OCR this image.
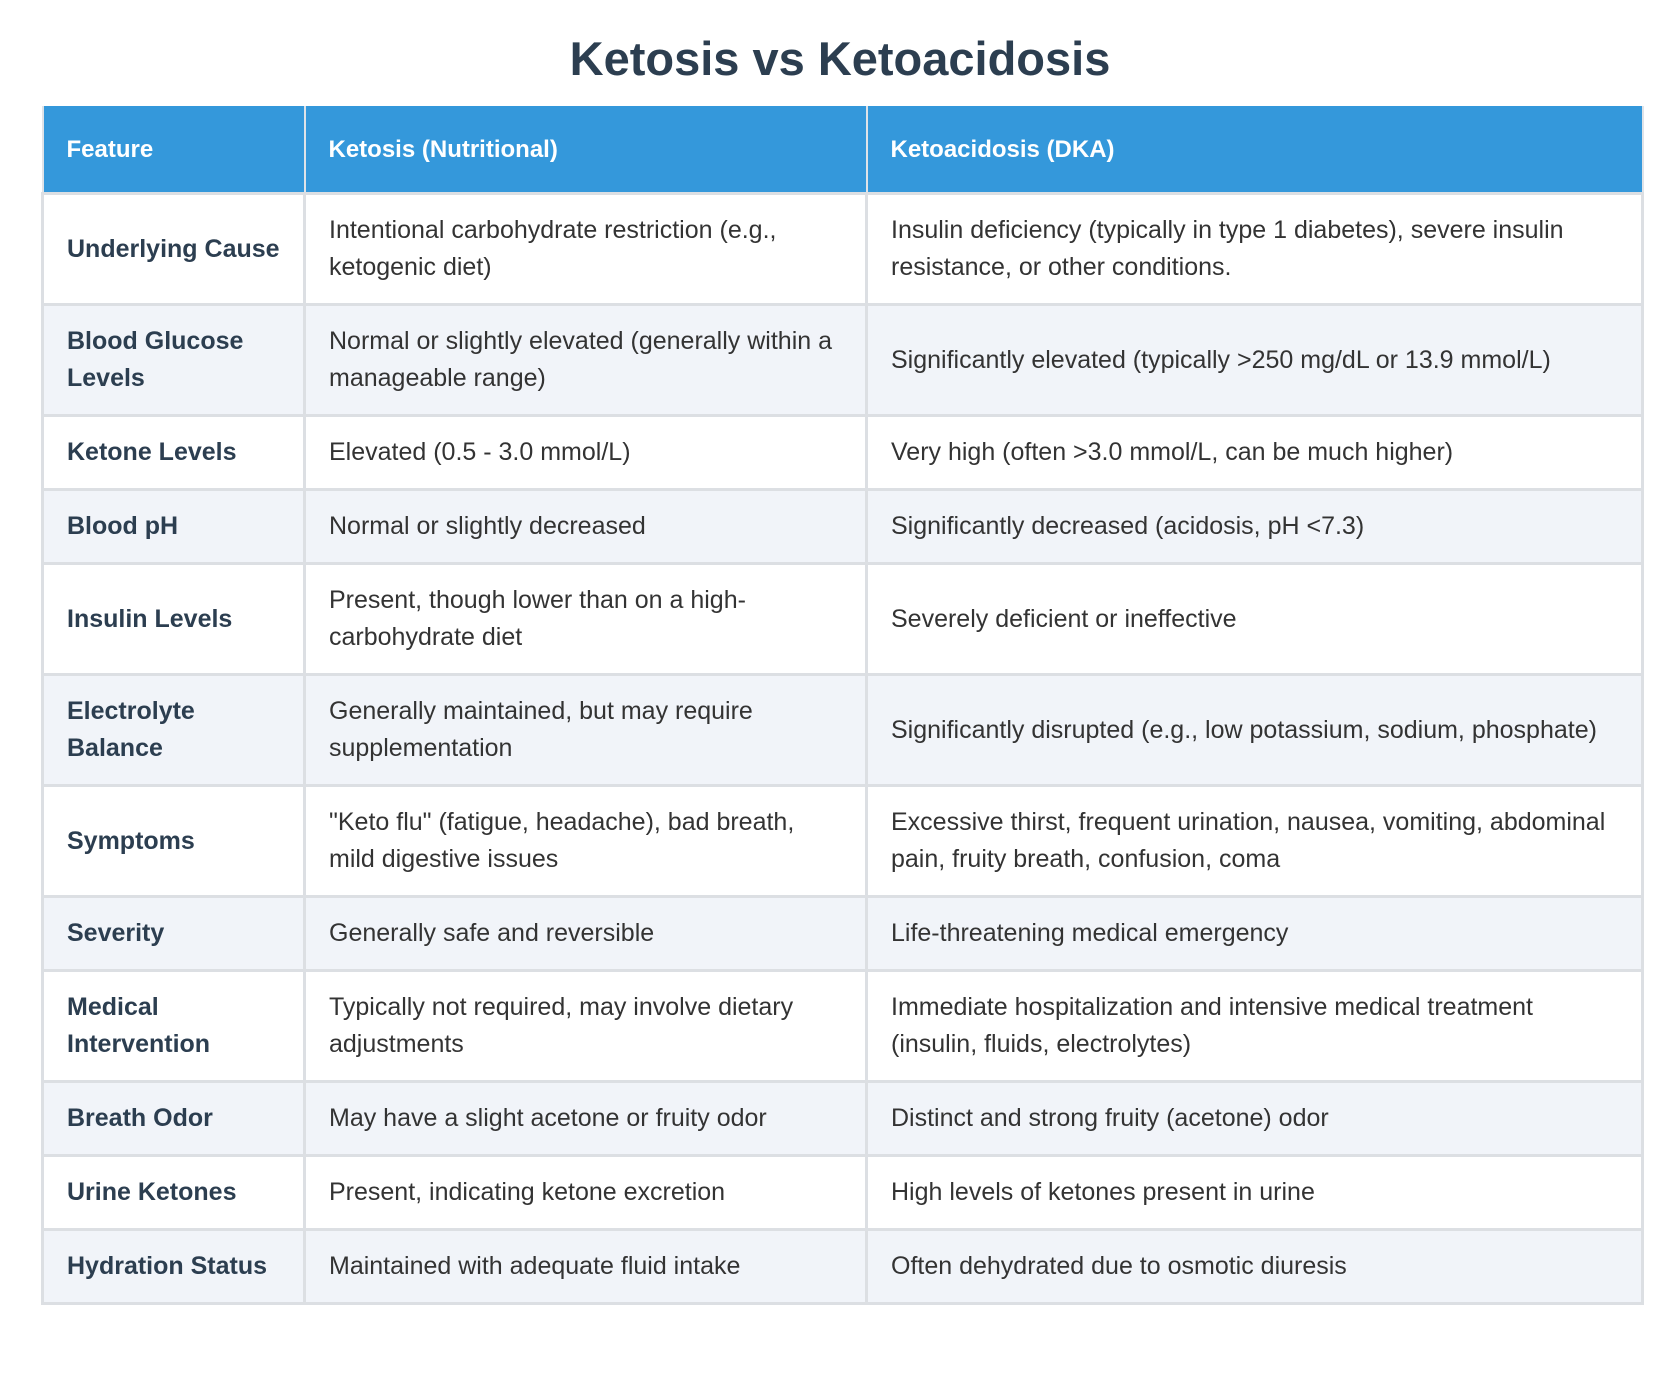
Ketosis vs Ketoacidosis
Feature	Ketosis (Nutritional)	Ketoacidosis (DKA)
Underlying Cause	Intentional carbohydrate restriction (e.g., ketogenic diet)	Insulin deficiency (typically in type 1 diabetes), severe insulin resistance, or other conditions.
Blood Glucose Levels	Normal or slightly elevated (generally within a manageable range)	Significantly elevated (typically >250 mg/dL or 13.9 mmol/L)
Ketone Levels	Elevated (0.5 - 3.0 mmol/L)	Very high (often >3.0 mmol/L, can be much higher)
Blood pH	Normal or slightly decreased	Significantly decreased (acidosis, pH <7.3)
Insulin Levels	Present, though lower than on a high-carbohydrate diet	Severely deficient or ineffective
Electrolyte Balance	Generally maintained, but may require supplementation	Significantly disrupted (e.g., low potassium, sodium, phosphate)
Symptoms	"Keto flu" (fatigue, headache), bad breath, mild digestive issues	Excessive thirst, frequent urination, nausea, vomiting, abdominal pain, fruity breath, confusion, coma
Severity	Generally safe and reversible	Life-threatening medical emergency
Medical Intervention	Typically not required, may involve dietary adjustments	Immediate hospitalization and intensive medical treatment (insulin, fluids, electrolytes)
Breath Odor	May have a slight acetone or fruity odor	Distinct and strong fruity (acetone) odor
Urine Ketones	Present, indicating ketone excretion	High levels of ketones present in urine
Hydration Status	Maintained with adequate fluid intake	Often dehydrated due to osmotic diuresis
